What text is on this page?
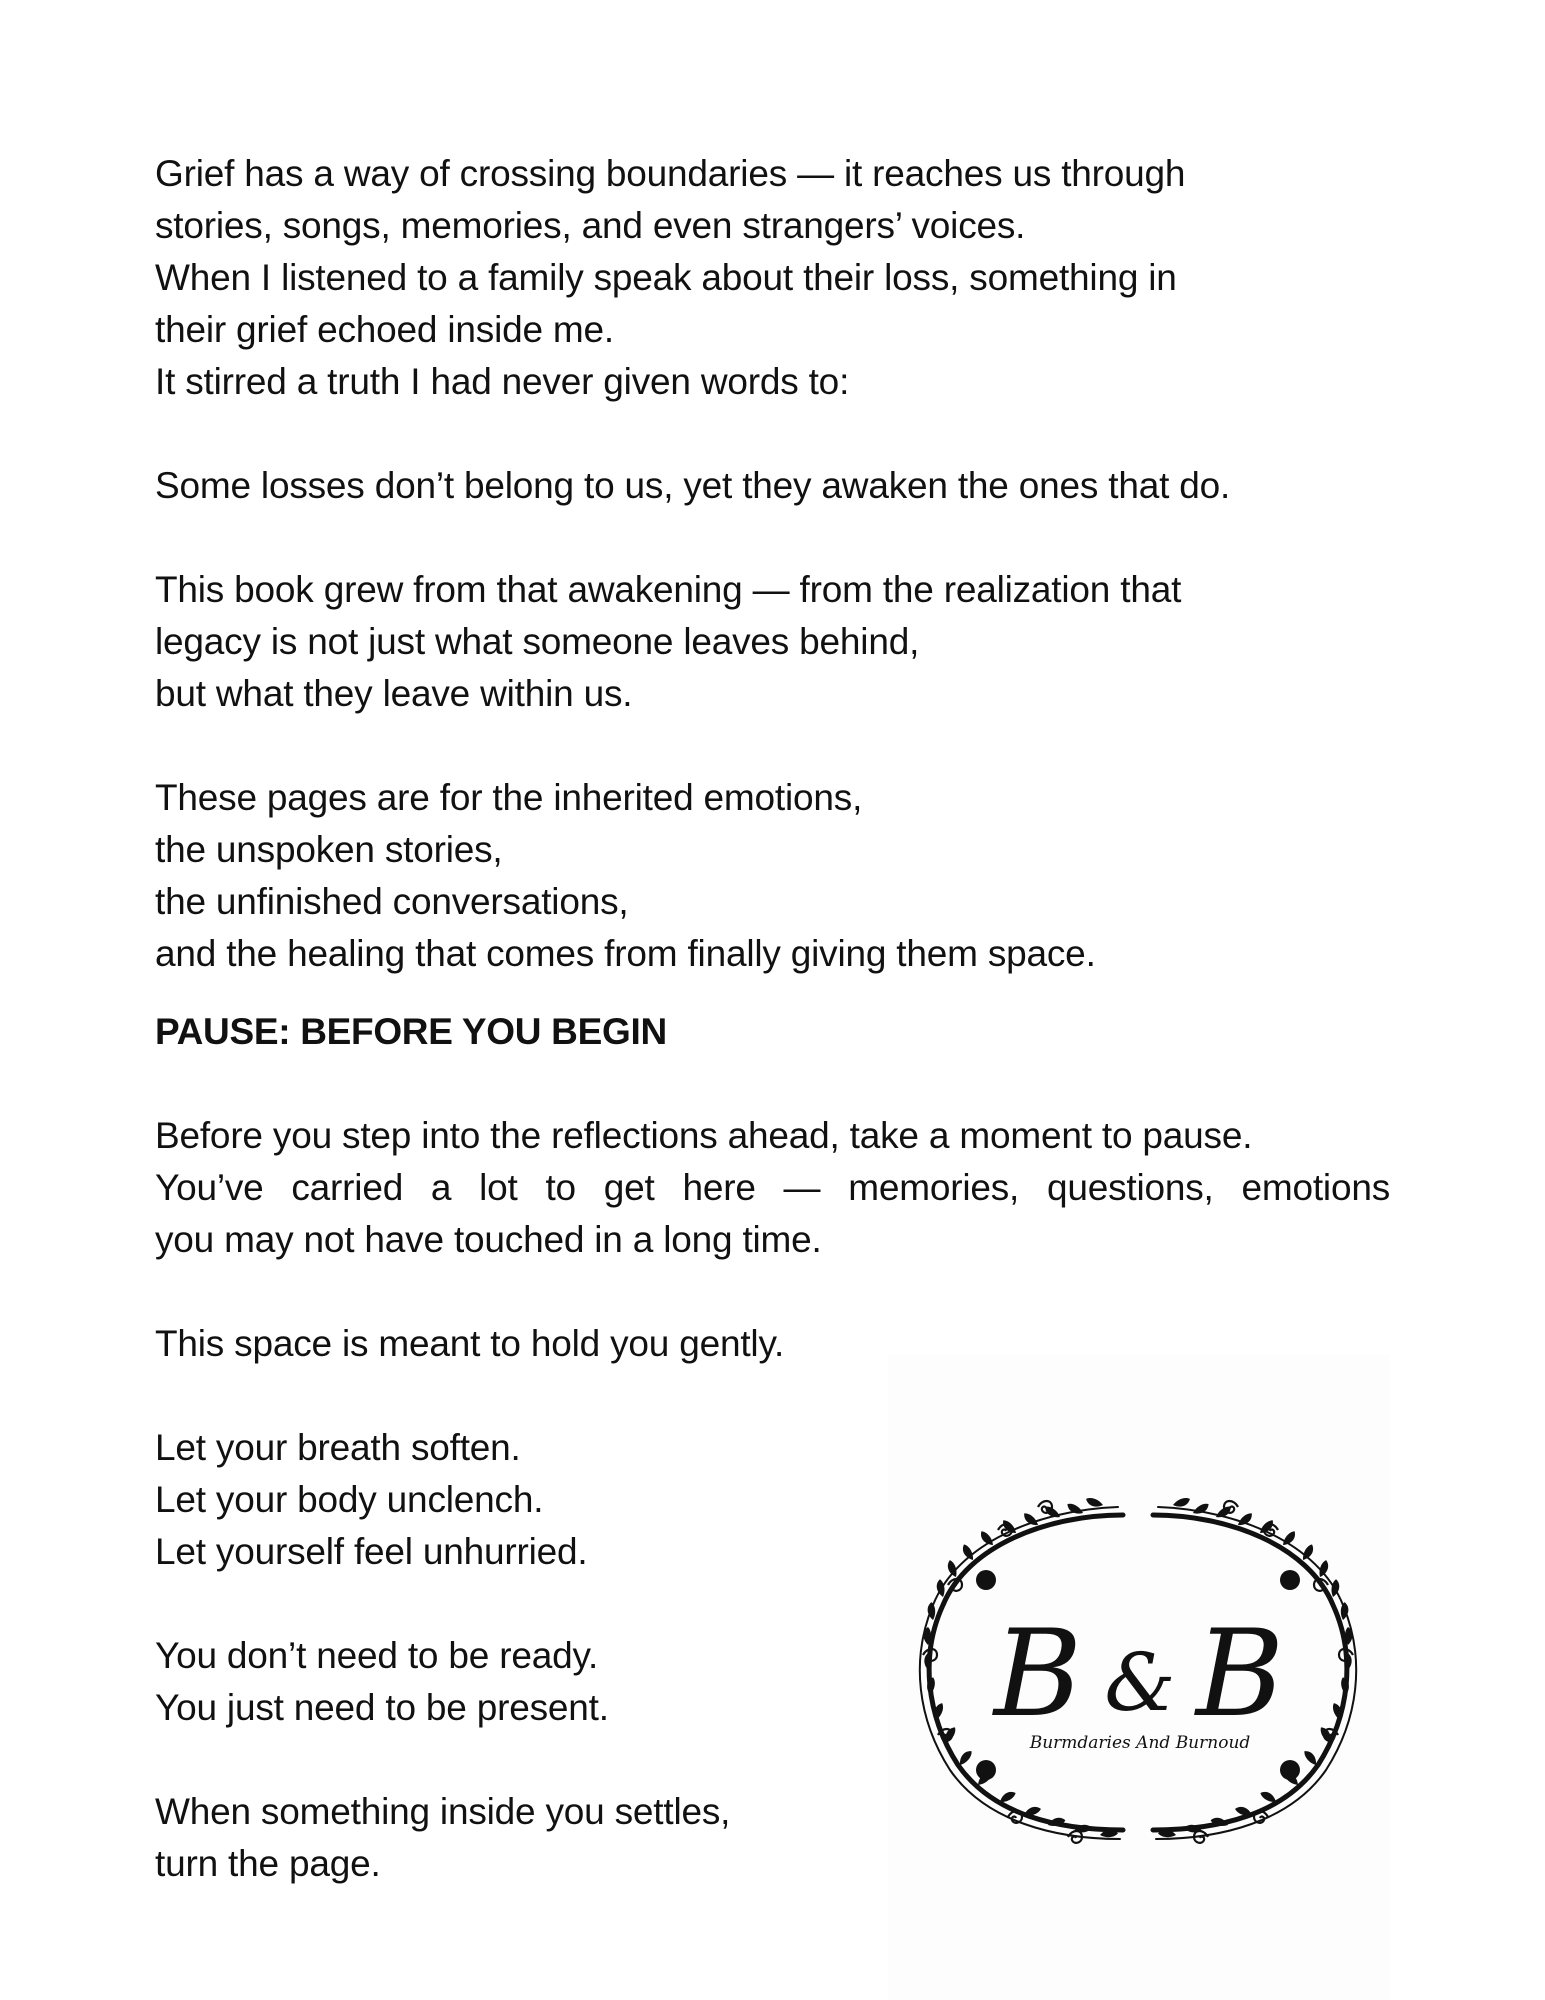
Grief has a way of crossing boundaries — it reaches us through
stories, songs, memories, and even strangers’ voices.
When I listened to a family speak about their loss, something in
their grief echoed inside me.
It stirred a truth I had never given words to:
Some losses don’t belong to us, yet they awaken the ones that do.
This book grew from that awakening — from the realization that
legacy is not just what someone leaves behind,
but what they leave within us.
These pages are for the inherited emotions,
the unspoken stories,
the unfinished conversations,
and the healing that comes from finally giving them space.
PAUSE: BEFORE YOU BEGIN
Before you step into the reflections ahead, take a moment to pause.
You’ve carried a lot to get here — memories, questions, emotions
you may not have touched in a long time.
This space is meant to hold you gently.
Let your breath soften.
Let your body unclench.
Let yourself feel unhurried.
You don’t need to be ready.
You just need to be present.
When something inside you settles,
turn the page.
B & B
Burmdaries And Burnoud
